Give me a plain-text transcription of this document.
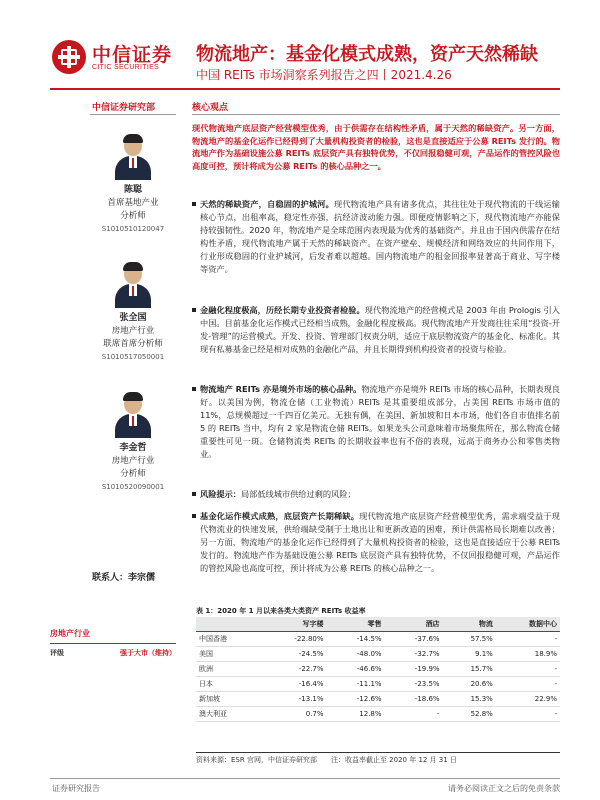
中信证券
CITIC SECURITIES
物流地产：基金化模式成熟，资产天然稀缺
中国 REITs 市场洞察系列报告之四丨2021.4.26
中信证券研究部
陈聪
首席基地产业
分析师
S1010510120047
张全国
房地产行业
联席首席分析师
S1010517050001
李金哲
房地产行业
分析师
S1010520090001
联系人：李宗儒
房地产行业
评级	强于大市（维持）
核心观点
现代物流地产底层资产经营模型优秀，由于供需存在结构性矛盾，属于天然的稀缺资产。另一方面，物流地产的基金化运作已经得到了大量机构投资者的检验，这也是直接适应于公募 REITs 发行的。物流地产作为基础设施公募 REITs 底层资产具有独特优势，不仅回报稳健可观，产品运作的管控风险也高度可控，预计将成为公募 REITs 的核心品种之一。
天然的稀缺资产，自稳固的护城河。现代物流地产具有诸多优点，其往往处于现代物流的干线运输核心节点，出租率高，稳定性亦强，抗经济波动能力强。即便疫情影响之下，现代物流地产亦能保持较强韧性。2020 年，物流地产是全球范围内表现最为优秀的基础资产。并且由于国内供需存在结构性矛盾，现代物流地产属于天然的稀缺资产。在资产壁垒、规模经济和网络效应的共同作用下，行业形成稳固的行业护城河，后发者难以超越。国内物流地产的租金回报率显著高于商业、写字楼等资产。
金融化程度极高，历经长期专业投资者检验。现代物流地产的经营模式是 2003 年由 Prologis 引入中国。目前基金化运作模式已经相当成熟，金融化程度极高。现代物流地产开发商往往采用“投资-开发-管理”的运营模式。开发、投资、管理部门权责分明，适应于底层物流资产的基金化、标准化。其现有私募基金已经是相对成熟的金融化产品，并且长期得到机构投资者的投资与检验。
物流地产 REITs 亦是境外市场的核心品种。物流地产亦是境外 REITs 市场的核心品种，长期表现良好。以美国为例，物流仓储（工业物流）REITs 是其重要组成部分，占美国 REITs 市场市值的 11%，总规模超过一千四百亿美元。无独有偶，在美国、新加坡和日本市场，他们各自市值排名前 5 的 REITs 当中，均有 2 家是物流仓储 REITs。如果龙头公司意味着市场聚焦所在，那么物流仓储重要性可见一斑。仓储物流类 REITs 的长期收益率也有不俗的表现，远高于商务办公和零售类物业。
风险提示：局部低线城市供给过剩的风险；
基金化运作模式成熟，底层资产长期稀缺。现代物流地产底层资产经营模型优秀，需求端受益于现代物流业的快速发展，供给端缺受制于土地出让和更新改造的困难，预计供需格局长期难以改善；另一方面，物流地产的基金化运作已经得到了大量机构投资者的检验，这也是直接适应于公募 REITs 发行的。物流地产作为基础设施公募 REITs 底层资产具有独特优势，不仅回报稳健可观，产品运作的管控风险也高度可控，预计将成为公募 REITs 的核心品种之一。
表 1：2020 年 1 月以来各类大类资产 REITs 收益率
	写字楼	零售	酒店	物流	数据中心
中国香港	-22.80%	-14.5%	-37.6%	57.5%	-
美国	-24.5%	-48.0%	-32.7%	9.1%	18.9%
欧洲	-22.7%	-46.6%	-19.9%	15.7%	-
日本	-16.4%	-11.1%	-23.5%	20.6%	-
新加坡	-13.1%	-12.6%	-18.6%	15.3%	22.9%
澳大利亚	0.7%	12.8%	-	52.8%	-
资料来源：ESR 官网，中信证券研究部　　注：收益率截止至 2020 年 12 月 31 日
证券研究报告	请务必阅读正文之后的免责条款
